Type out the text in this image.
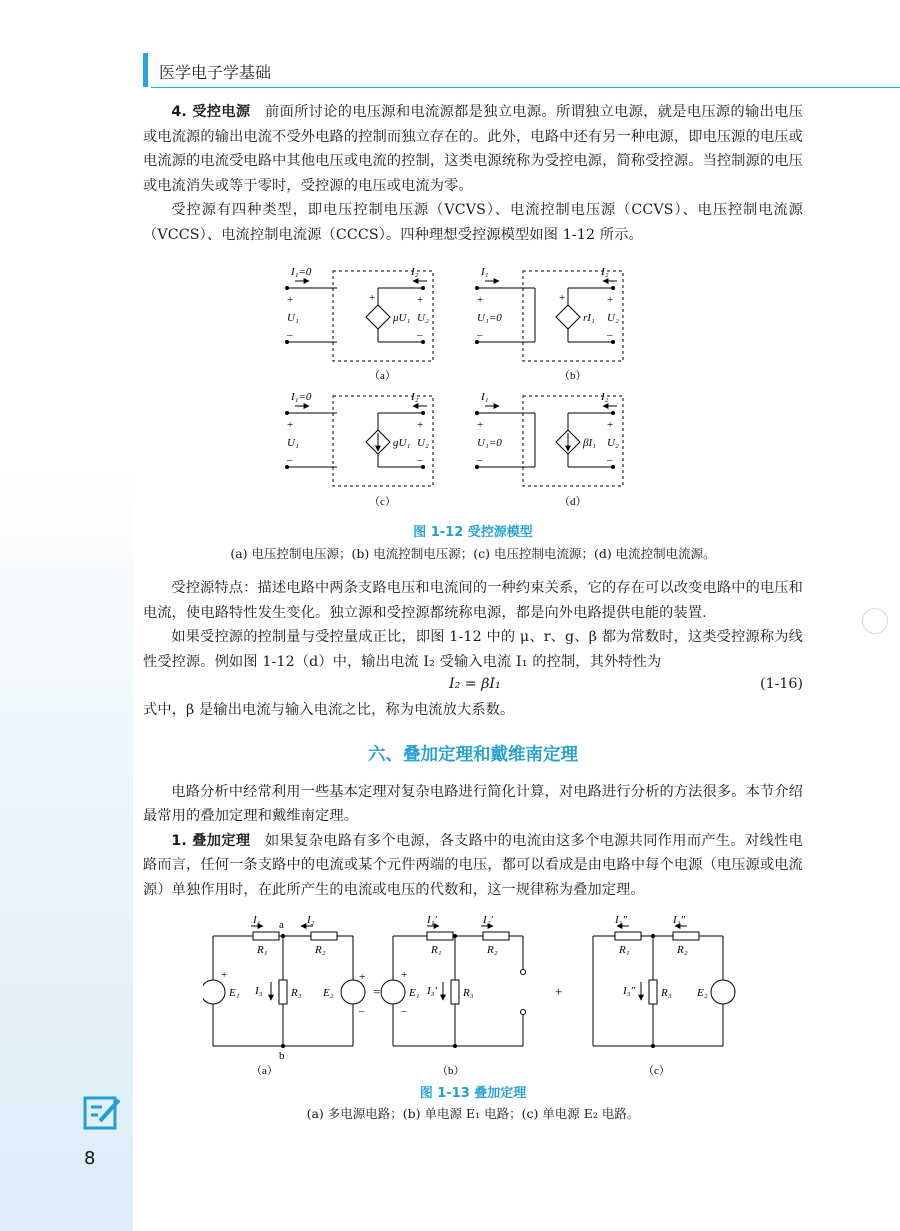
医学电子学基础

4. 受控电源 前面所讨论的电压源和电流源都是独立电源。所谓独立电源，就是电压源的输出电压或电流源的输出电流不受外电路的控制而独立存在的。此外，电路中还有另一种电源，即电压源的电压或电流源的电流受电路中其他电压或电流的控制，这类电源统称为受控电源，简称受控源。当控制源的电压或电流消失或等于零时，受控源的电压或电流为零。

受控源有四种类型，即电压控制电压源（VCVS）、电流控制电压源（CCVS）、电压控制电流源（VCCS）、电流控制电流源（CCCS）。四种理想受控源模型如图 1-12 所示。

I₁=0
+
U₁
–
+
μU₁
I₂
+
U₂
–
（a）
I₁
+
U₁=0
–
+
rI₁
I₂
+
U₂
–
（b）
I₁=0
+
U₁
–
gU₁
I₂
+
U₂
–
（c）
I₁
+
U₁=0
–
βI₁
I₂
+
U₂
–
（d）
图 1-12 受控源模型
(a) 电压控制电压源；(b) 电流控制电压源；(c) 电压控制电流源；(d) 电流控制电流源。

受控源特点：描述电路中两条支路电压和电流间的一种约束关系，它的存在可以改变电路中的电压和电流，使电路特性发生变化。独立源和受控源都统称电源，都是向外电路提供电能的装置.

如果受控源的控制量与受控量成正比，即图 1-12 中的 μ、r、g、β 都为常数时，这类受控源称为线性受控源。例如图 1-12（d）中，输出电流 I₂ 受输入电流 I₁ 的控制，其外特性为

I₂ = βI₁	(1-16)

式中，β 是输出电流与输入电流之比，称为电流放大系数。

六、叠加定理和戴维南定理

电路分析中经常利用一些基本定理对复杂电路进行简化计算，对电路进行分析的方法很多。本节介绍最常用的叠加定理和戴维南定理。

1. 叠加定理 如果复杂电路有多个电源，各支路中的电流由这多个电源共同作用而产生。对线性电路而言，任何一条支路中的电流或某个元件两端的电压，都可以看成是由电路中每个电源（电压源或电流源）单独作用时，在此所产生的电流或电压的代数和，这一规律称为叠加定理。

I₁ a I₂
R₁	R₂
E₁
+
I₃	R₃ E₂
+
–
b
（a）
=
I₁′	I₂′
R₁	R₂
E₁
+
–
I₃′ R₃
（b）
+
I₁″	I₂″
R₁	R₂
I₃″ R₃ E₂
（c）
图 1-13 叠加定理
(a) 多电源电路；(b) 单电源 E₁ 电路；(c) 单电源 E₂ 电路。
8
